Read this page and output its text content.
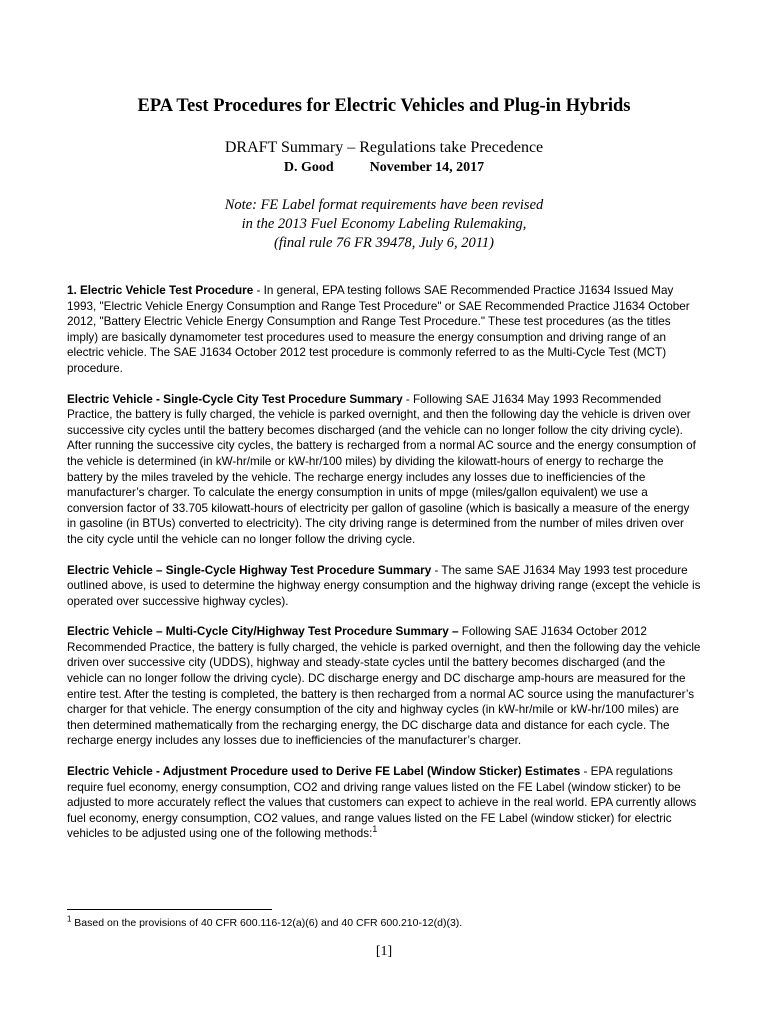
EPA Test Procedures for Electric Vehicles and Plug-in Hybrids
DRAFT Summary – Regulations take Precedence
D. Good	November 14, 2017
Note: FE Label format requirements have been revised
in the 2013 Fuel Economy Labeling Rulemaking,
(final rule 76 FR 39478, July 6, 2011)

1. Electric Vehicle Test Procedure - In general, EPA testing follows SAE Recommended Practice J1634 Issued May 1993, "Electric Vehicle Energy Consumption and Range Test Procedure" or SAE Recommended Practice J1634 October 2012, "Battery Electric Vehicle Energy Consumption and Range Test Procedure." These test procedures (as the titles imply) are basically dynamometer test procedures used to measure the energy consumption and driving range of an electric vehicle. The SAE J1634 October 2012 test procedure is commonly referred to as the Multi-Cycle Test (MCT) procedure.

Electric Vehicle - Single-Cycle City Test Procedure Summary - Following SAE J1634 May 1993 Recommended Practice, the battery is fully charged, the vehicle is parked overnight, and then the following day the vehicle is driven over successive city cycles until the battery becomes discharged (and the vehicle can no longer follow the city driving cycle). After running the successive city cycles, the battery is recharged from a normal AC source and the energy consumption of the vehicle is determined (in kW-hr/mile or kW-hr/100 miles) by dividing the kilowatt-hours of energy to recharge the battery by the miles traveled by the vehicle. The recharge energy includes any losses due to inefficiencies of the manufacturer’s charger. To calculate the energy consumption in units of mpge (miles/gallon equivalent) we use a conversion factor of 33.705 kilowatt-hours of electricity per gallon of gasoline (which is basically a measure of the energy in gasoline (in BTUs) converted to electricity). The city driving range is determined from the number of miles driven over the city cycle until the vehicle can no longer follow the driving cycle.

Electric Vehicle – Single-Cycle Highway Test Procedure Summary - The same SAE J1634 May 1993 test procedure outlined above, is used to determine the highway energy consumption and the highway driving range (except the vehicle is operated over successive highway cycles).

Electric Vehicle – Multi-Cycle City/Highway Test Procedure Summary – Following SAE J1634 October 2012 Recommended Practice, the battery is fully charged, the vehicle is parked overnight, and then the following day the vehicle driven over successive city (UDDS), highway and steady-state cycles until the battery becomes discharged (and the vehicle can no longer follow the driving cycle). DC discharge energy and DC discharge amp-hours are measured for the entire test. After the testing is completed, the battery is then recharged from a normal AC source using the manufacturer’s charger for that vehicle. The energy consumption of the city and highway cycles (in kW-hr/mile or kW-hr/100 miles) are then determined mathematically from the recharging energy, the DC discharge data and distance for each cycle. The recharge energy includes any losses due to inefficiencies of the manufacturer’s charger.

Electric Vehicle - Adjustment Procedure used to Derive FE Label (Window Sticker) Estimates - EPA regulations require fuel economy, energy consumption, CO2 and driving range values listed on the FE Label (window sticker) to be adjusted to more accurately reflect the values that customers can expect to achieve in the real world. EPA currently allows fuel economy, energy consumption, CO2 values, and range values listed on the FE Label (window sticker) for electric vehicles to be adjusted using one of the following methods:$^1$

$^1$ Based on the provisions of 40 CFR 600.116-12(a)(6) and 40 CFR 600.210-12(d)(3).
[1]
